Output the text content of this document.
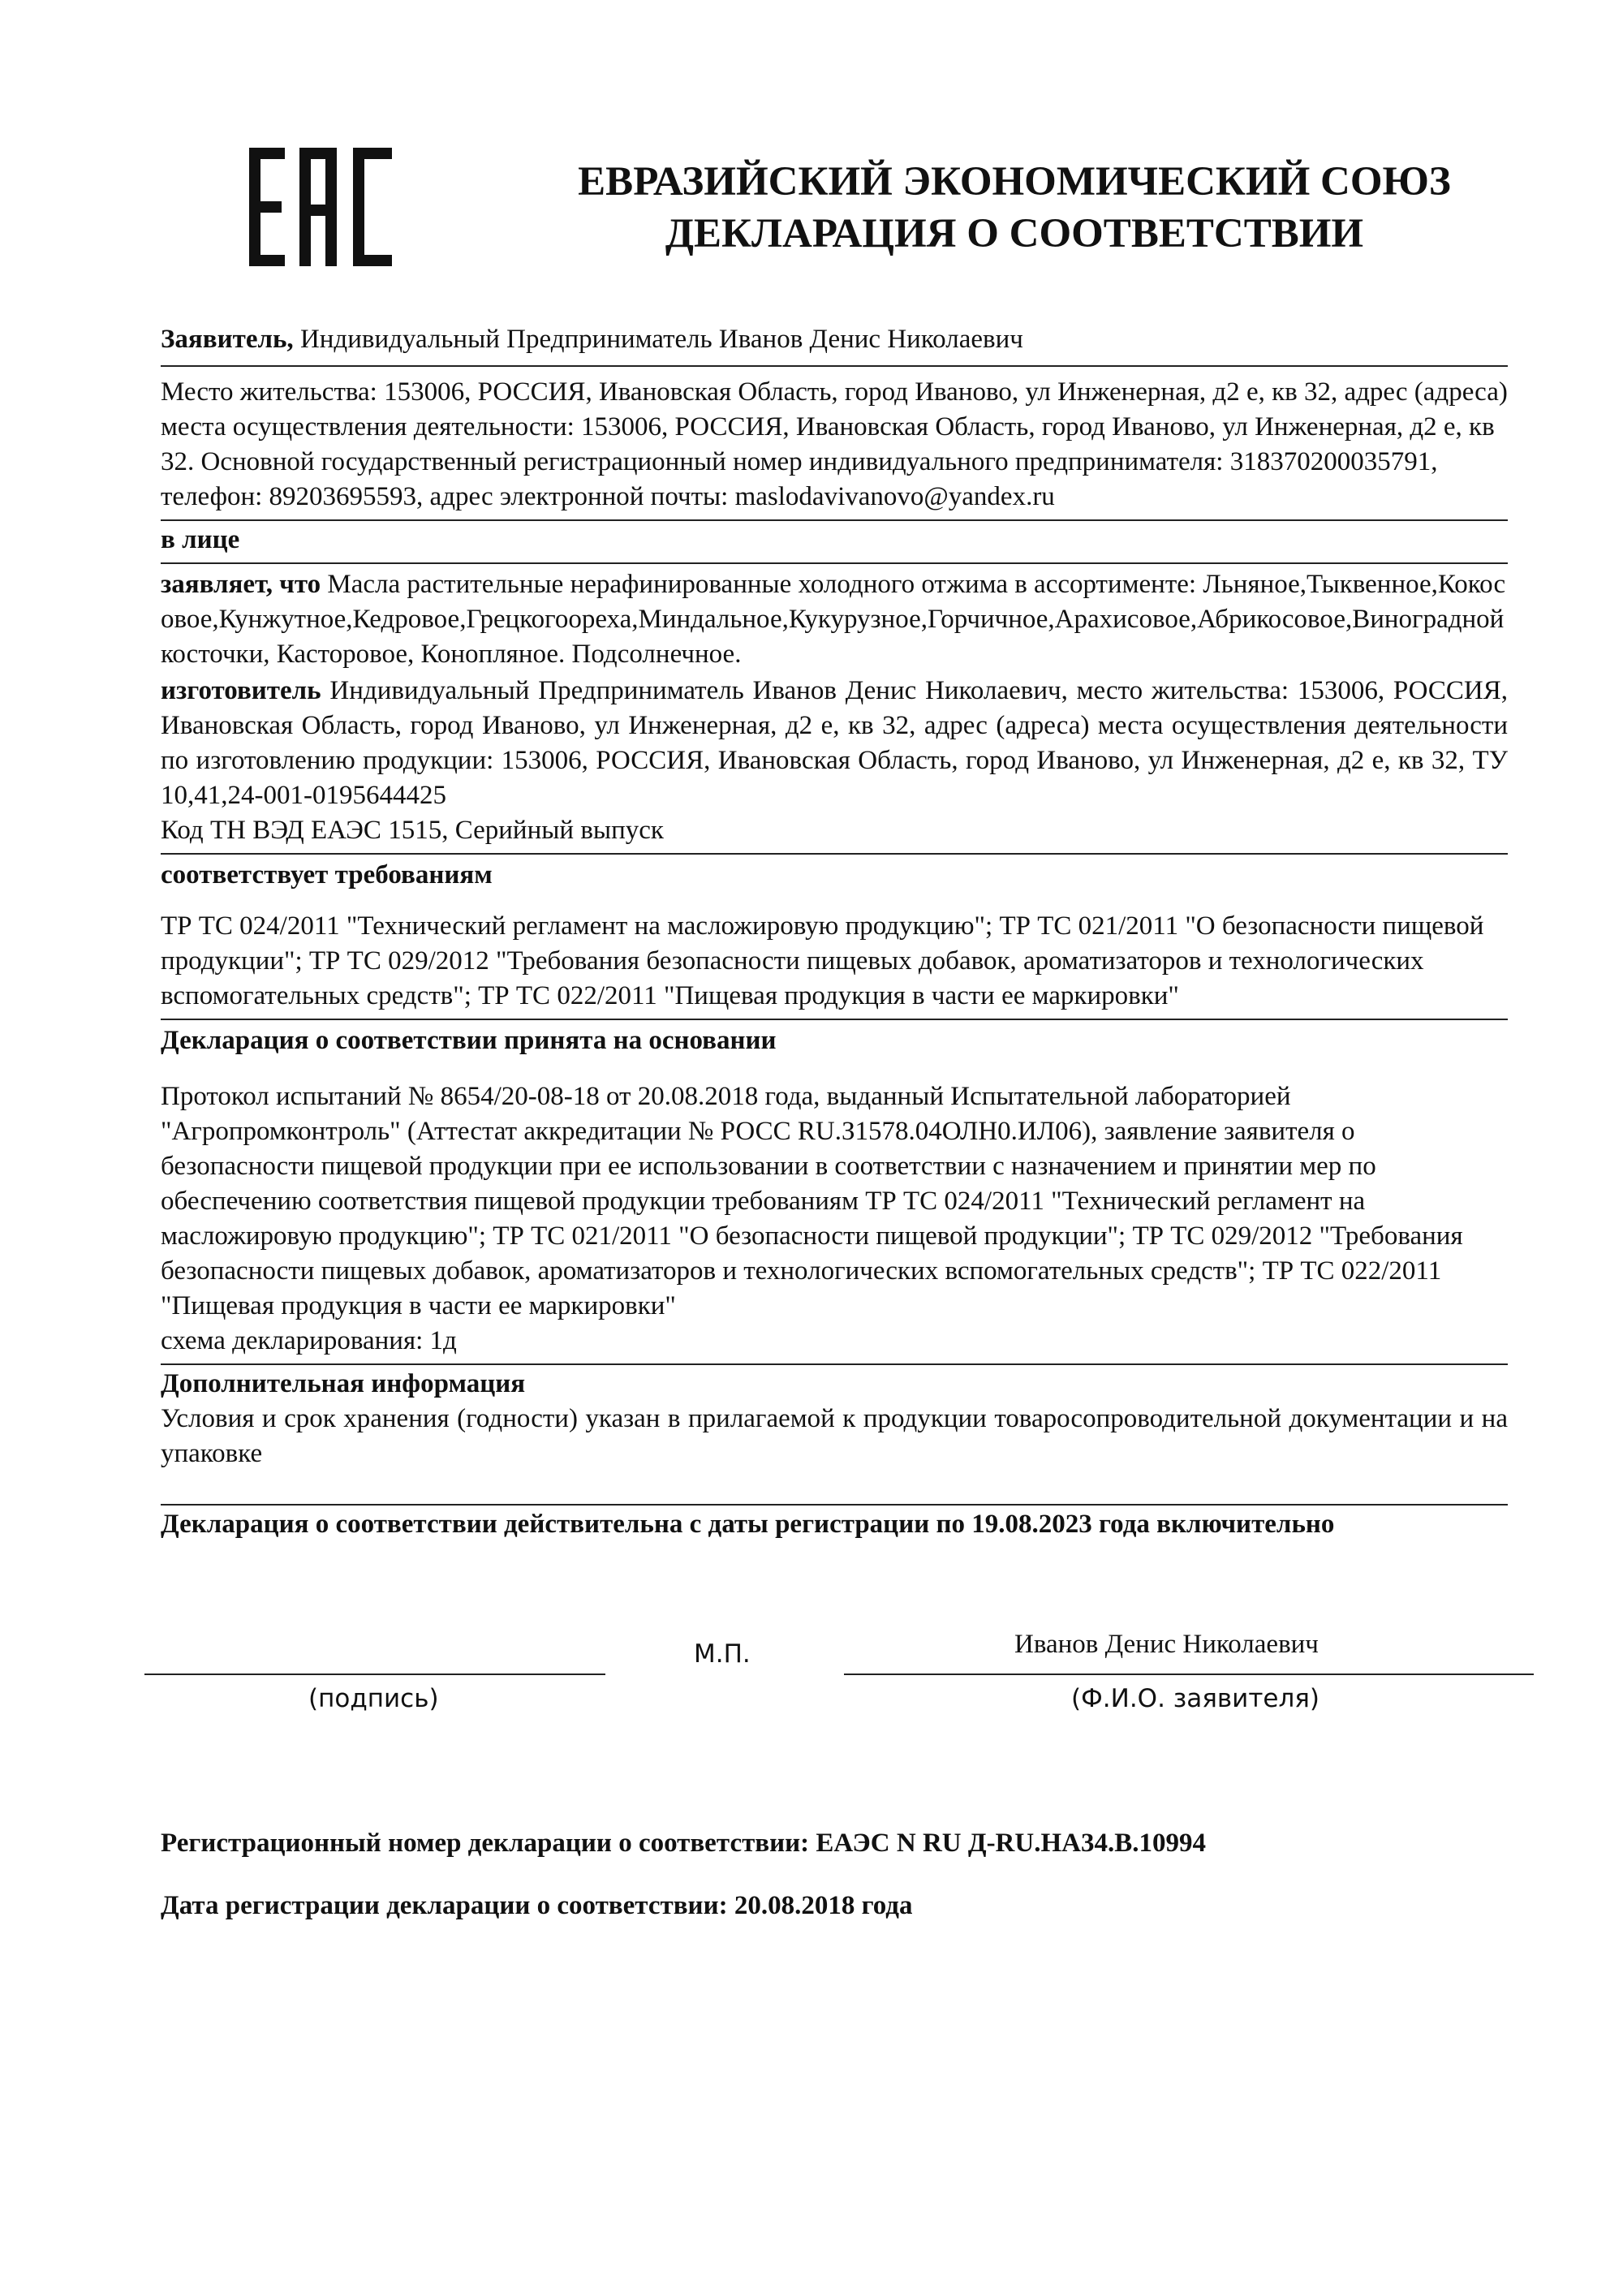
ЕВРАЗИЙСКИЙ ЭКОНОМИЧЕСКИЙ СОЮЗ
ДЕКЛАРАЦИЯ О СООТВЕТСТВИИ
Заявитель, Индивидуальный Предприниматель Иванов Денис Николаевич
Место жительства: 153006, РОССИЯ, Ивановская Область, город Иваново, ул Инженерная, д2 е, кв 32, адрес (адреса) места осуществления деятельности: 153006, РОССИЯ, Ивановская Область, город Иваново, ул Инженерная, д2 е, кв 32. Основной государственный регистрационный номер индивидуального предпринимателя: 318370200035791, телефон: 89203695593, адрес электронной почты: maslodavivanovo@yandex.ru
в лице
заявляет, что Масла растительные нерафинированные холодного отжима в ассортименте: Льняное,Тыквенное,Кокосовое,Кунжутное,Кедровое,Грецкогоореха,Миндальное,Кукурузное,Горчичное,Арахисовое,Абрикосовое,Виноградной косточки, Касторовое, Конопляное. Подсолнечное.
изготовитель Индивидуальный Предприниматель Иванов Денис Николаевич, место жительства: 153006, РОССИЯ, Ивановская Область, город Иваново, ул Инженерная, д2 е, кв 32, адрес (адреса) места осуществления деятельности по изготовлению продукции: 153006, РОССИЯ, Ивановская Область, город Иваново, ул Инженерная, д2 е, кв 32, ТУ 10,41,24-001-0195644425
Код ТН ВЭД ЕАЭС 1515, Серийный выпуск
соответствует требованиям
ТР ТС 024/2011 "Технический регламент на масложировую продукцию"; ТР ТС 021/2011 "О безопасности пищевой продукции"; ТР ТС 029/2012 "Требования безопасности пищевых добавок, ароматизаторов и технологических вспомогательных средств"; ТР ТС 022/2011 "Пищевая продукция в части ее маркировки"
Декларация о соответствии принята на основании
Протокол испытаний № 8654/20-08-18 от 20.08.2018 года, выданный Испытательной лабораторией "Агропромконтроль" (Аттестат аккредитации № РОСС RU.З1578.04ОЛН0.ИЛ06), заявление заявителя о безопасности пищевой продукции при ее использовании в соответствии с назначением и принятии мер по обеспечению соответствия пищевой продукции требованиям ТР ТС 024/2011 "Технический регламент на масложировую продукцию"; ТР ТС 021/2011 "О безопасности пищевой продукции"; ТР ТС 029/2012 "Требования безопасности пищевых добавок, ароматизаторов и технологических вспомогательных средств"; ТР ТС 022/2011 "Пищевая продукция в части ее маркировки"
схема декларирования: 1д
Дополнительная информация
Условия и срок хранения (годности) указан в прилагаемой к продукции товаросопроводительной документации и на упаковке
Декларация о соответствии действительна с даты регистрации по 19.08.2023 года включительно
М.П.	Иванов Денис Николаевич
(подпись)	(Ф.И.О. заявителя)
Регистрационный номер декларации о соответствии: ЕАЭС N RU Д-RU.НА34.В.10994
Дата регистрации декларации о соответствии: 20.08.2018 года
